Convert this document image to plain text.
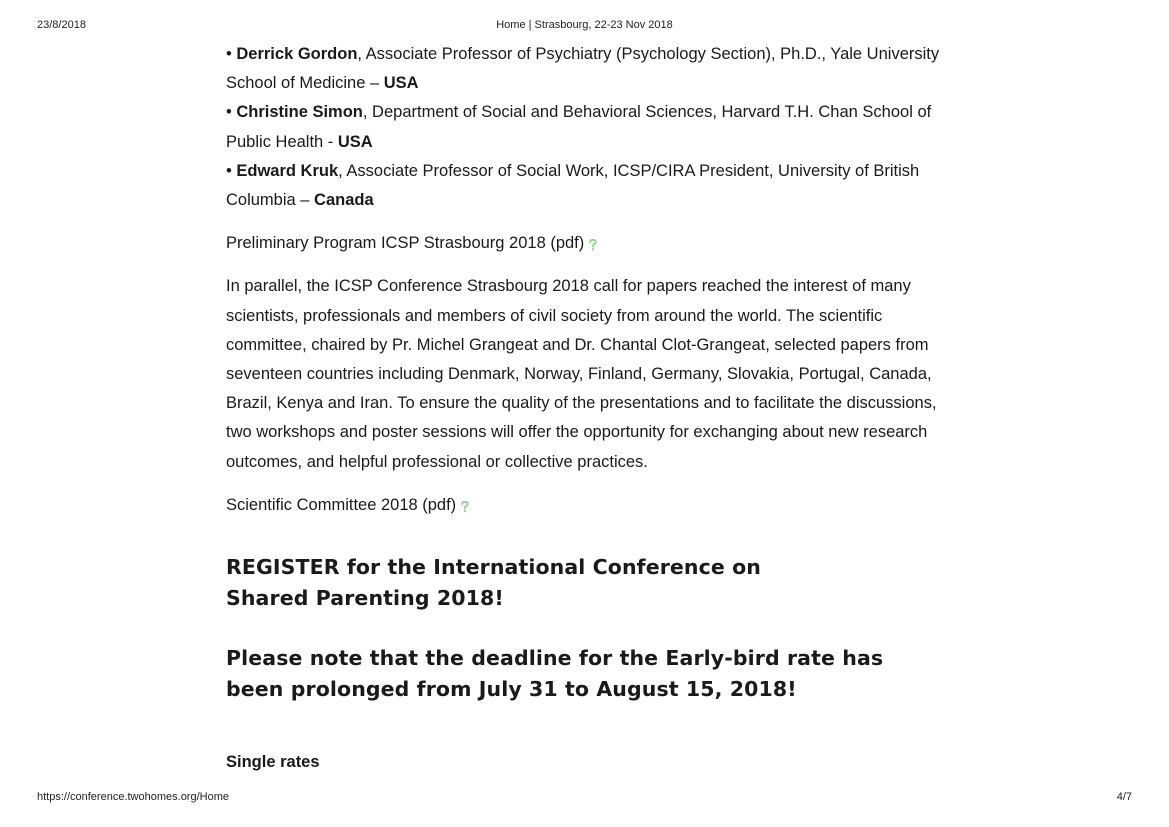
23/8/2018	Home | Strasbourg, 22-23 Nov 2018

• Derrick Gordon, Associate Professor of Psychiatry (Psychology Section), Ph.D., Yale University School of Medicine – USA

• Christine Simon, Department of Social and Behavioral Sciences, Harvard T.H. Chan School of Public Health - USA

• Edward Kruk, Associate Professor of Social Work, ICSP/CIRA President, University of British Columbia – Canada

Preliminary Program ICSP Strasbourg 2018 (pdf)

In parallel, the ICSP Conference Strasbourg 2018 call for papers reached the interest of many scientists, professionals and members of civil society from around the world. The scientific committee, chaired by Pr. Michel Grangeat and Dr. Chantal Clot-Grangeat, selected papers from seventeen countries including Denmark, Norway, Finland, Germany, Slovakia, Portugal, Canada, Brazil, Kenya and Iran. To ensure the quality of the presentations and to facilitate the discussions, two workshops and poster sessions will offer the opportunity for exchanging about new research outcomes, and helpful professional or collective practices.

Scientific Committee 2018 (pdf)

REGISTER for the International Conference on Shared Parenting 2018!
Please note that the deadline for the Early-bird rate has been prolonged from July 31 to August 15, 2018!
Single rates
https://conference.twohomes.org/Home	4/7
